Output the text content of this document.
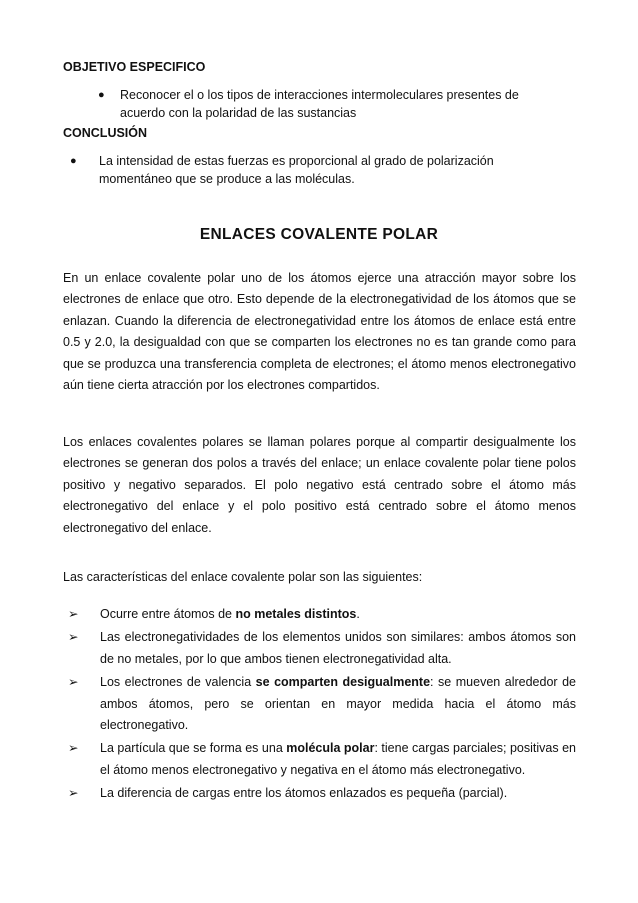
OBJETIVO ESPECIFICO
● Reconocer el o los tipos de interacciones intermoleculares presentes de acuerdo con la polaridad de las sustancias
CONCLUSIÓN
● La intensidad de estas fuerzas es proporcional al grado de polarización momentáneo que se produce a las moléculas.
ENLACES COVALENTE POLAR

En un enlace covalente polar uno de los átomos ejerce una atracción mayor sobre los electrones de enlace que otro. Esto depende de la electronegatividad de los átomos que se enlazan. Cuando la diferencia de electronegatividad entre los átomos de enlace está entre 0.5 y 2.0, la desigualdad con que se comparten los electrones no es tan grande como para que se produzca una transferencia completa de electrones; el átomo menos electronegativo aún tiene cierta atracción por los electrones compartidos.

Los enlaces covalentes polares se llaman polares porque al compartir desigualmente los electrones se generan dos polos a través del enlace; un enlace covalente polar tiene polos positivo y negativo separados. El polo negativo está centrado sobre el átomo más electronegativo del enlace y el polo positivo está centrado sobre el átomo menos electronegativo del enlace.

Las características del enlace covalente polar son las siguientes:

➢ Ocurre entre átomos de no metales distintos.
➢ Las electronegatividades de los elementos unidos son similares: ambos átomos son de no metales, por lo que ambos tienen electronegatividad alta.
➢ Los electrones de valencia se comparten desigualmente: se mueven alrededor de ambos átomos, pero se orientan en mayor medida hacia el átomo más electronegativo.
➢ La partícula que se forma es una molécula polar: tiene cargas parciales; positivas en el átomo menos electronegativo y negativa en el átomo más electronegativo.
➢ La diferencia de cargas entre los átomos enlazados es pequeña (parcial).
